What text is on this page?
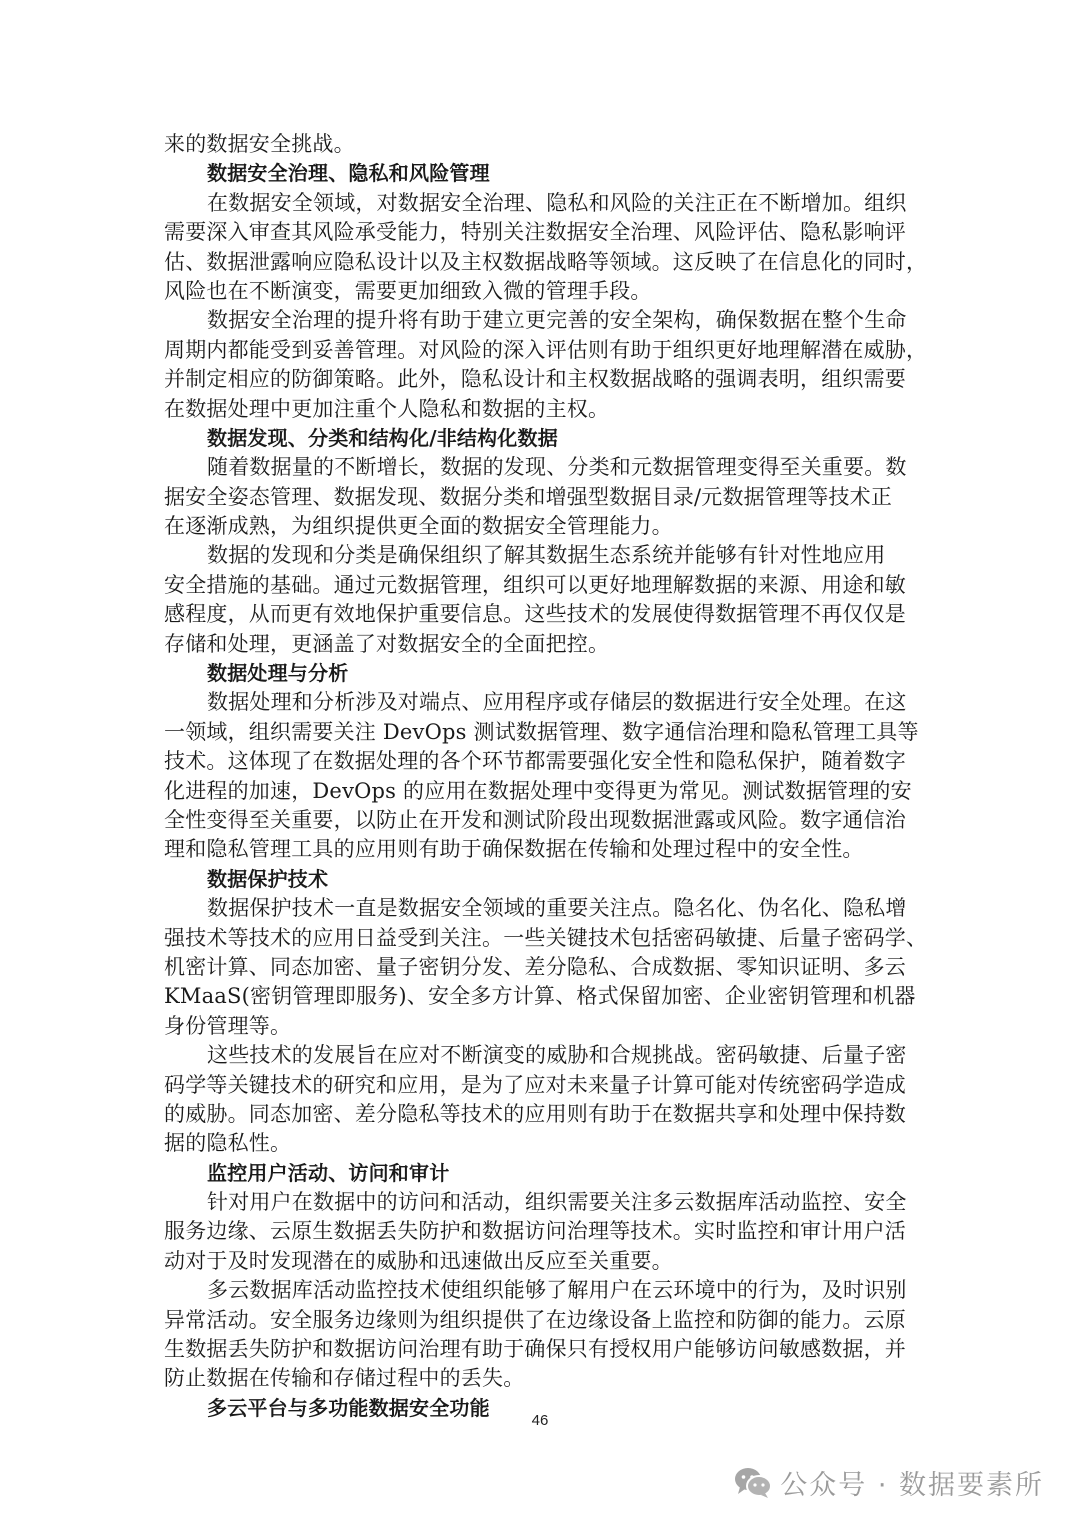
来的数据安全挑战。
数据安全治理、隐私和风险管理
在数据安全领域，对数据安全治理、隐私和风险的关注正在不断增加。组织
需要深入审查其风险承受能力，特别关注数据安全治理、风险评估、隐私影响评
估、数据泄露响应隐私设计以及主权数据战略等领域。这反映了在信息化的同时，
风险也在不断演变，需要更加细致入微的管理手段。
数据安全治理的提升将有助于建立更完善的安全架构，确保数据在整个生命
周期内都能受到妥善管理。对风险的深入评估则有助于组织更好地理解潜在威胁，
并制定相应的防御策略。此外，隐私设计和主权数据战略的强调表明，组织需要
在数据处理中更加注重个人隐私和数据的主权。
数据发现、分类和结构化/非结构化数据
随着数据量的不断增长，数据的发现、分类和元数据管理变得至关重要。数
据安全姿态管理、数据发现、数据分类和增强型数据目录/元数据管理等技术正
在逐渐成熟，为组织提供更全面的数据安全管理能力。
数据的发现和分类是确保组织了解其数据生态系统并能够有针对性地应用
安全措施的基础。通过元数据管理，组织可以更好地理解数据的来源、用途和敏
感程度，从而更有效地保护重要信息。这些技术的发展使得数据管理不再仅仅是
存储和处理，更涵盖了对数据安全的全面把控。
数据处理与分析
数据处理和分析涉及对端点、应用程序或存储层的数据进行安全处理。在这
一领域，组织需要关注 DevOps 测试数据管理、数字通信治理和隐私管理工具等
技术。这体现了在数据处理的各个环节都需要强化安全性和隐私保护，随着数字
化进程的加速，DevOps 的应用在数据处理中变得更为常见。测试数据管理的安
全性变得至关重要，以防止在开发和测试阶段出现数据泄露或风险。数字通信治
理和隐私管理工具的应用则有助于确保数据在传输和处理过程中的安全性。
数据保护技术
数据保护技术一直是数据安全领域的重要关注点。隐名化、伪名化、隐私增
强技术等技术的应用日益受到关注。一些关键技术包括密码敏捷、后量子密码学、
机密计算、同态加密、量子密钥分发、差分隐私、合成数据、零知识证明、多云
KMaaS(密钥管理即服务)、安全多方计算、格式保留加密、企业密钥管理和机器
身份管理等。
这些技术的发展旨在应对不断演变的威胁和合规挑战。密码敏捷、后量子密
码学等关键技术的研究和应用，是为了应对未来量子计算可能对传统密码学造成
的威胁。同态加密、差分隐私等技术的应用则有助于在数据共享和处理中保持数
据的隐私性。
监控用户活动、访问和审计
针对用户在数据中的访问和活动，组织需要关注多云数据库活动监控、安全
服务边缘、云原生数据丢失防护和数据访问治理等技术。实时监控和审计用户活
动对于及时发现潜在的威胁和迅速做出反应至关重要。
多云数据库活动监控技术使组织能够了解用户在云环境中的行为，及时识别
异常活动。安全服务边缘则为组织提供了在边缘设备上监控和防御的能力。云原
生数据丢失防护和数据访问治理有助于确保只有授权用户能够访问敏感数据，并
防止数据在传输和存储过程中的丢失。
多云平台与多功能数据安全功能
46
公众号 · 数据要素所
